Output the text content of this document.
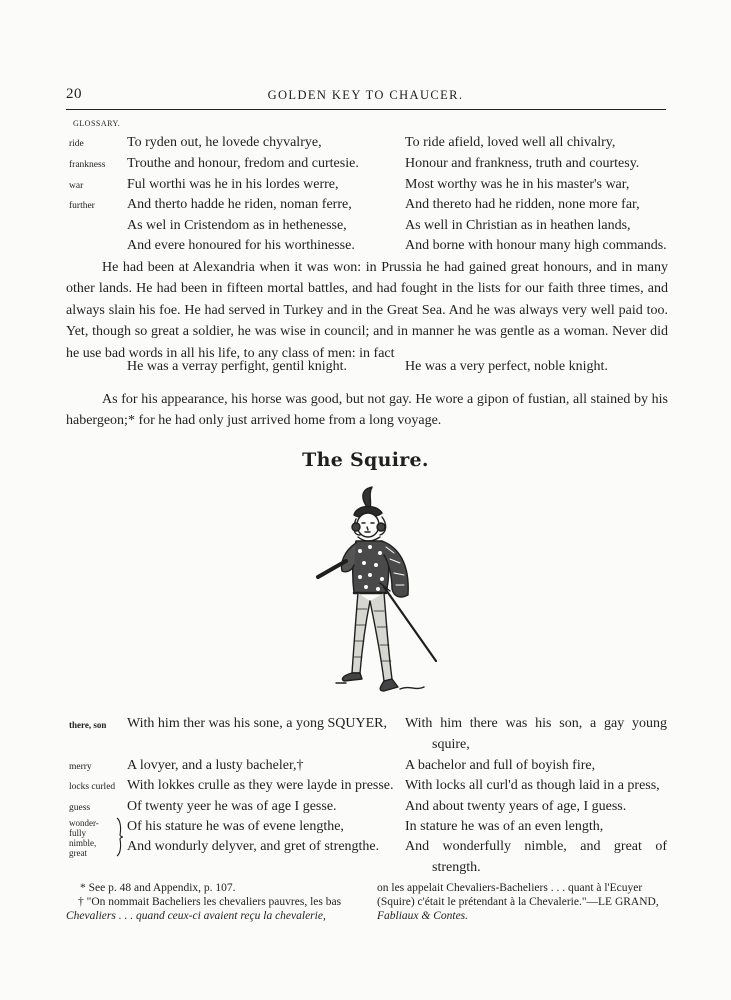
20	GOLDEN KEY TO CHAUCER.
GLOSSARY.
ride
frankness
war
further
To ryden out, he lovede chyvalrye,
Trouthe and honour, fredom and curtesie.
Ful worthi was he in his lordes werre,
And therto hadde he riden, noman ferre,
As wel in Cristendom as in hethenesse,
And evere honoured for his worthinesse.
To ride afield, loved well all chivalry,
Honour and frankness, truth and courtesy.
Most worthy was he in his master's war,
And thereto had he ridden, none more far,
As well in Christian as in heathen lands,
And borne with honour many high commands.

He had been at Alexandria when it was won: in Prussia he had gained great honours, and in many other lands. He had been in fifteen mortal battles, and had fought in the lists for our faith three times, and always slain his foe. He had served in Turkey and in the Great Sea. And he was always very well paid too. Yet, though so great a soldier, he was wise in council; and in manner he was gentle as a woman. Never did he use bad words in all his life, to any class of men: in fact

He was a verray perfight, gentil knight.	He was a very perfect, noble knight.

As for his appearance, his horse was good, but not gay. He wore a gipon of fustian, all stained by his habergeon;* for he had only just arrived home from a long voyage.

The Squire.
there, son
merry
locks curled
guess
wonder-
fully
nimble,
great
With him ther was his sone, a yong SQUYER,
A lovyer, and a lusty bacheler,†
With lokkes crulle as they were layde in presse.
Of twenty yeer he was of age I gesse.
Of his stature he was of evene lengthe,
And wondurly delyver, and gret of strengthe.
With him there was his son, a gay young
squire,
A bachelor and full of boyish fire,
With locks all curl'd as though laid in a press,
And about twenty years of age, I guess.
In stature he was of an even length,
And wonderfully nimble, and great of
strength.
* See p. 48 and Appendix, p. 107.
† "On nommait Bacheliers les chevaliers pauvres, les bas
Chevaliers . . . quand ceux-ci avaient reçu la chevalerie,
on les appelait Chevaliers-Bacheliers . . . quant à l'Ecuyer
(Squire) c'était le prétendant à la Chevalerie."—LE GRAND,
Fabliaux & Contes.
